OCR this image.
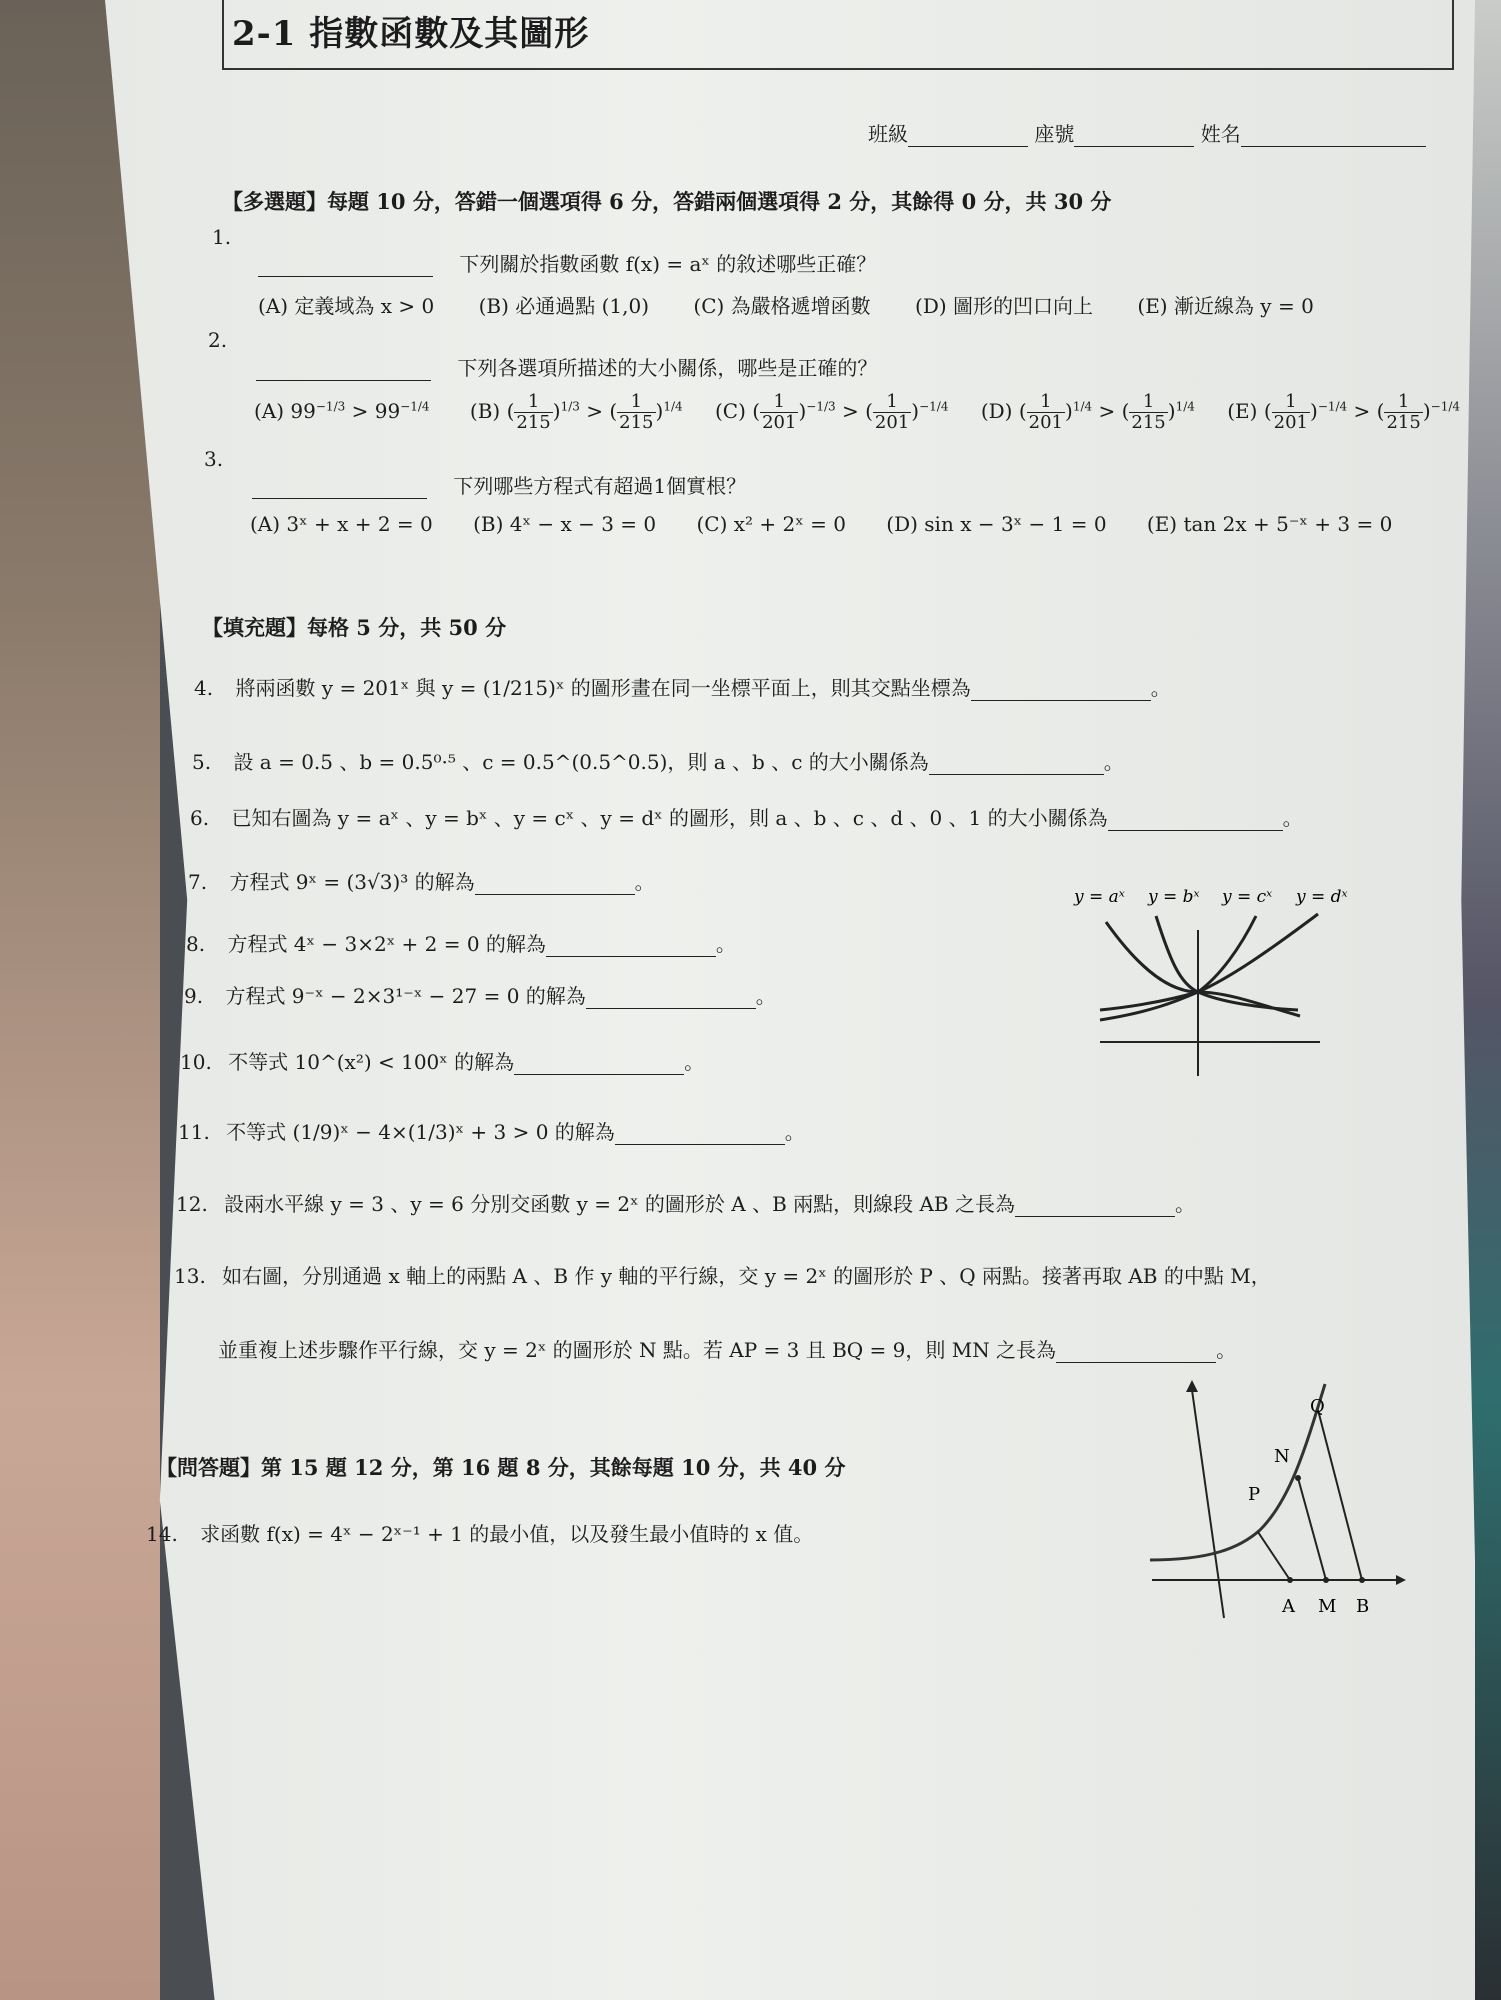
2-1 指數函數及其圖形
班級	座號	姓名
【多選題】每題 10 分，答錯一個選項得 6 分，答錯兩個選項得 2 分，其餘得 0 分，共 30 分
1.
下列關於指數函數 f(x) = aˣ 的敘述哪些正確？
(A) 定義域為 x > 0 (B) 必通過點 (1,0) (C) 為嚴格遞增函數 (D) 圖形的凹口向上 (E) 漸近線為 y = 0
2.
下列各選項所描述的大小關係，哪些是正確的？
(A) $99^{-1/3} > 99^{-1/4}$ (B) ( $\frac{1}{215} )^{1/3}$ > ( $\frac{1}{215} )^{1/4}$ (C) ( $\frac{1}{201} )^{-1/3}$ > ( $\frac{1}{201} )^{-1/4}$ (D) ( $\frac{1}{201} )^{1/4}$ > ( $\frac{1}{215} )^{1/4}$ (E) ( $\frac{1}{201} )^{-1/4}$ > ( $\frac{1}{215} )^{-1/4}$
3.
下列哪些方程式有超過1個實根？
(A) 3ˣ + x + 2 = 0 (B) 4ˣ − x − 3 = 0 (C) x² + 2ˣ = 0 (D) sin x − 3ˣ − 1 = 0 (E) tan 2x + 5⁻ˣ + 3 = 0
【填充題】每格 5 分，共 50 分
4. 將兩函數 y = 201ˣ 與 y = (1/215)ˣ 的圖形畫在同一坐標平面上，則其交點坐標為	。
5. 設 a = 0.5 、b = 0.5⁰·⁵ 、c = 0.5^(0.5^0.5)，則 a 、b 、c 的大小關係為	。
6. 已知右圖為 y = aˣ 、y = bˣ 、y = cˣ 、y = dˣ 的圖形，則 a 、b 、c 、d 、0 、1 的大小關係為	。
7. 方程式 9ˣ = (3√3)³ 的解為	。
8. 方程式 4ˣ − 3×2ˣ + 2 = 0 的解為	。
9. 方程式 9⁻ˣ − 2×3¹⁻ˣ − 27 = 0 的解為	。
10. 不等式 10^(x²) < 100ˣ 的解為	。
11. 不等式 (1/9)ˣ − 4×(1/3)ˣ + 3 > 0 的解為	。
12. 設兩水平線 y = 3 、y = 6 分別交函數 y = 2ˣ 的圖形於 A 、B 兩點，則線段 AB 之長為	。
13. 如右圖，分別通過 x 軸上的兩點 A 、B 作 y 軸的平行線，交 y = 2ˣ 的圖形於 P 、Q 兩點。接著再取 AB 的中點 M，
並重複上述步驟作平行線，交 y = 2ˣ 的圖形於 N 點。若 AP = 3 且 BQ = 9，則 MN 之長為	。
【問答題】第 15 題 12 分，第 16 題 8 分，其餘每題 10 分，共 40 分
14. 求函數 f(x) = 4ˣ − 2ˣ⁻¹ + 1 的最小值，以及發生最小值時的 x 值。
y = aˣ y = bˣ y = cˣ y = dˣ
Q
N
P
A M B
